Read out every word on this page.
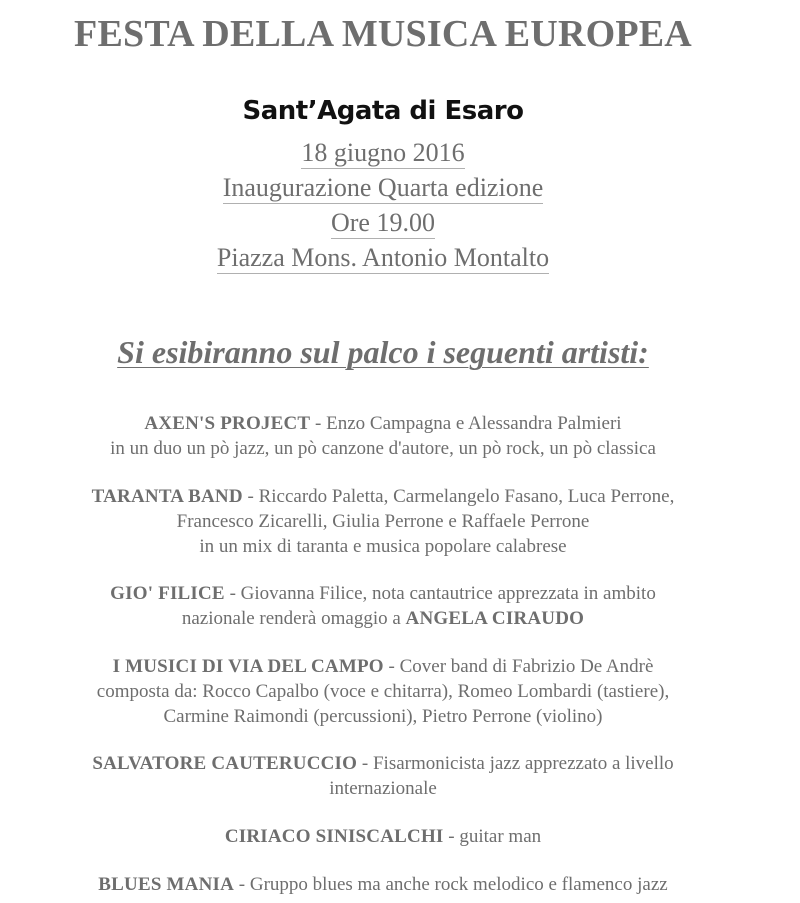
FESTA DELLA MUSICA EUROPEA
Sant’Agata di Esaro
18 giugno 2016
Inaugurazione Quarta edizione
Ore 19.00
Piazza Mons. Antonio Montalto
Si esibiranno sul palco i seguenti artisti:
AXEN'S PROJECT - Enzo Campagna e Alessandra Palmieri
in un duo un pò jazz, un pò canzone d'autore, un pò rock, un pò classica
TARANTA BAND - Riccardo Paletta, Carmelangelo Fasano, Luca Perrone,
Francesco Zicarelli, Giulia Perrone e Raffaele Perrone
in un mix di taranta e musica popolare calabrese
GIO' FILICE - Giovanna Filice, nota cantautrice apprezzata in ambito
nazionale renderà omaggio a ANGELA CIRAUDO
I MUSICI DI VIA DEL CAMPO - Cover band di Fabrizio De Andrè
composta da: Rocco Capalbo (voce e chitarra), Romeo Lombardi (tastiere),
Carmine Raimondi (percussioni), Pietro Perrone (violino)
SALVATORE CAUTERUCCIO - Fisarmonicista jazz apprezzato a livello
internazionale
CIRIACO SINISCALCHI - guitar man
BLUES MANIA - Gruppo blues ma anche rock melodico e flamenco jazz
